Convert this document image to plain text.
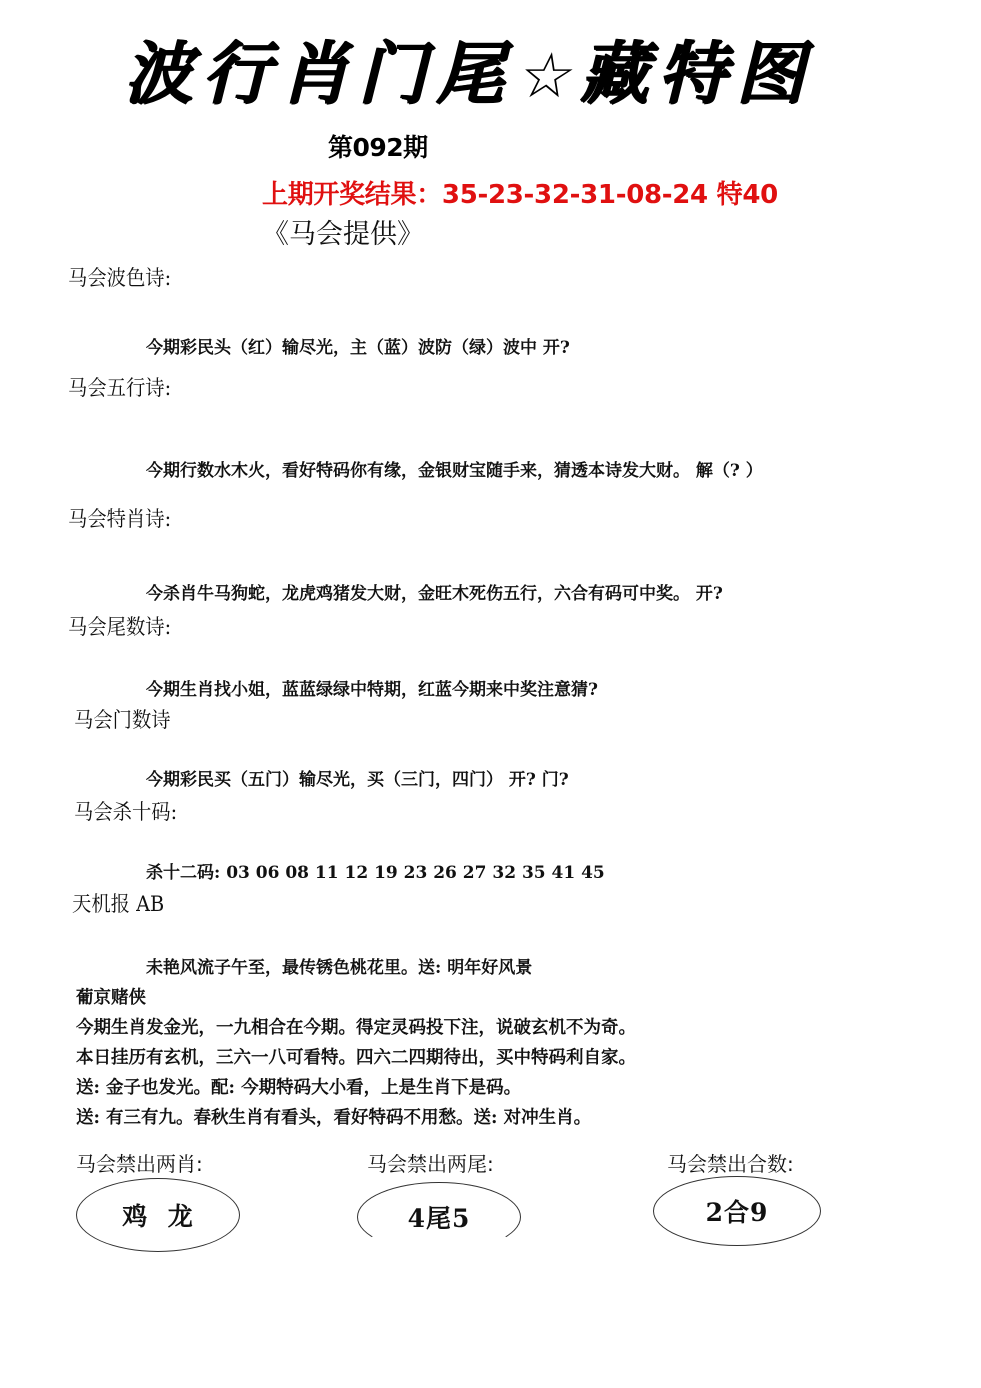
波
行
肖
门
尾
☆
藏
特
图
第092期
上期开奖结果：35-23-32-31-08-24 特40
《马会提供》
马会波色诗:
今期彩民头（红）输尽光，主（蓝）波防（绿）波中 开?
马会五行诗:
今期行数水木火，看好特码你有缘，金银财宝随手来，猜透本诗发大财。 解（? ）
马会特肖诗:
今杀肖牛马狗蛇，龙虎鸡猪发大财，金旺木死伤五行，六合有码可中奖。 开?
马会尾数诗:
今期生肖找小姐，蓝蓝绿绿中特期，红蓝今期来中奖注意猜?
马会门数诗
今期彩民买（五门）输尽光，买（三门，四门） 开? 门?
马会杀十码:
杀十二码: 03 06 08 11 12 19 23 26 27 32 35 41 45
天机报 AB
未艳风流子午至，最传锈色桃花里。送: 明年好风景
葡京赌侠
今期生肖发金光，一九相合在今期。得定灵码投下注，说破玄机不为奇。
本日挂历有玄机，三六一八可看特。四六二四期待出，买中特码利自家。
送: 金子也发光。配: 今期特码大小看，上是生肖下是码。
送: 有三有九。春秋生肖有看头，看好特码不用愁。送: 对冲生肖。
马会禁出两肖:	马会禁出两尾:	马会禁出合数:
鸡  龙	4尾5	2合9
